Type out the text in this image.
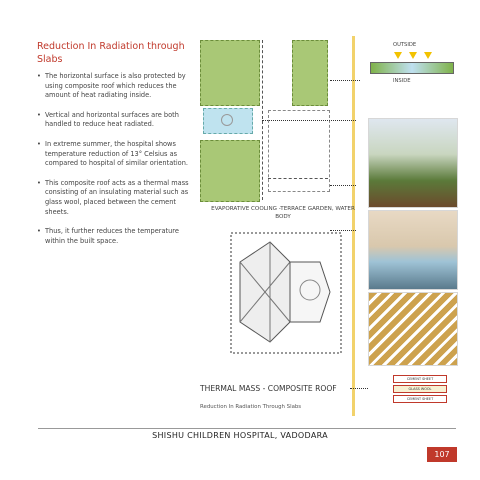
Reduction In Radiation through Slabs
• The horizontal surface is also protected by using composite roof which reduces the amount of heat radiating inside.
• Vertical and horizontal surfaces are both handled to reduce heat radiated.
• In extreme summer, the hospital shows temperature reduction of 13° Celsius as compared to hospital of similar orientation.
• This composite roof acts as a thermal mass consisting of an insulating material such as glass wool, placed between the cement sheets.
• Thus, it further reduces the temperature within the built space.
EVAPORATIVE COOLING -TERRACE GARDEN, WATER BODY
THERMAL MASS - COMPOSITE ROOF
Reduction In Radiation Through Slabs
OUTSIDE
INSIDE
CEMENT SHEET
GLASS WOOL
CEMENT SHEET
SHISHU CHILDREN HOSPITAL, VADODARA
107
